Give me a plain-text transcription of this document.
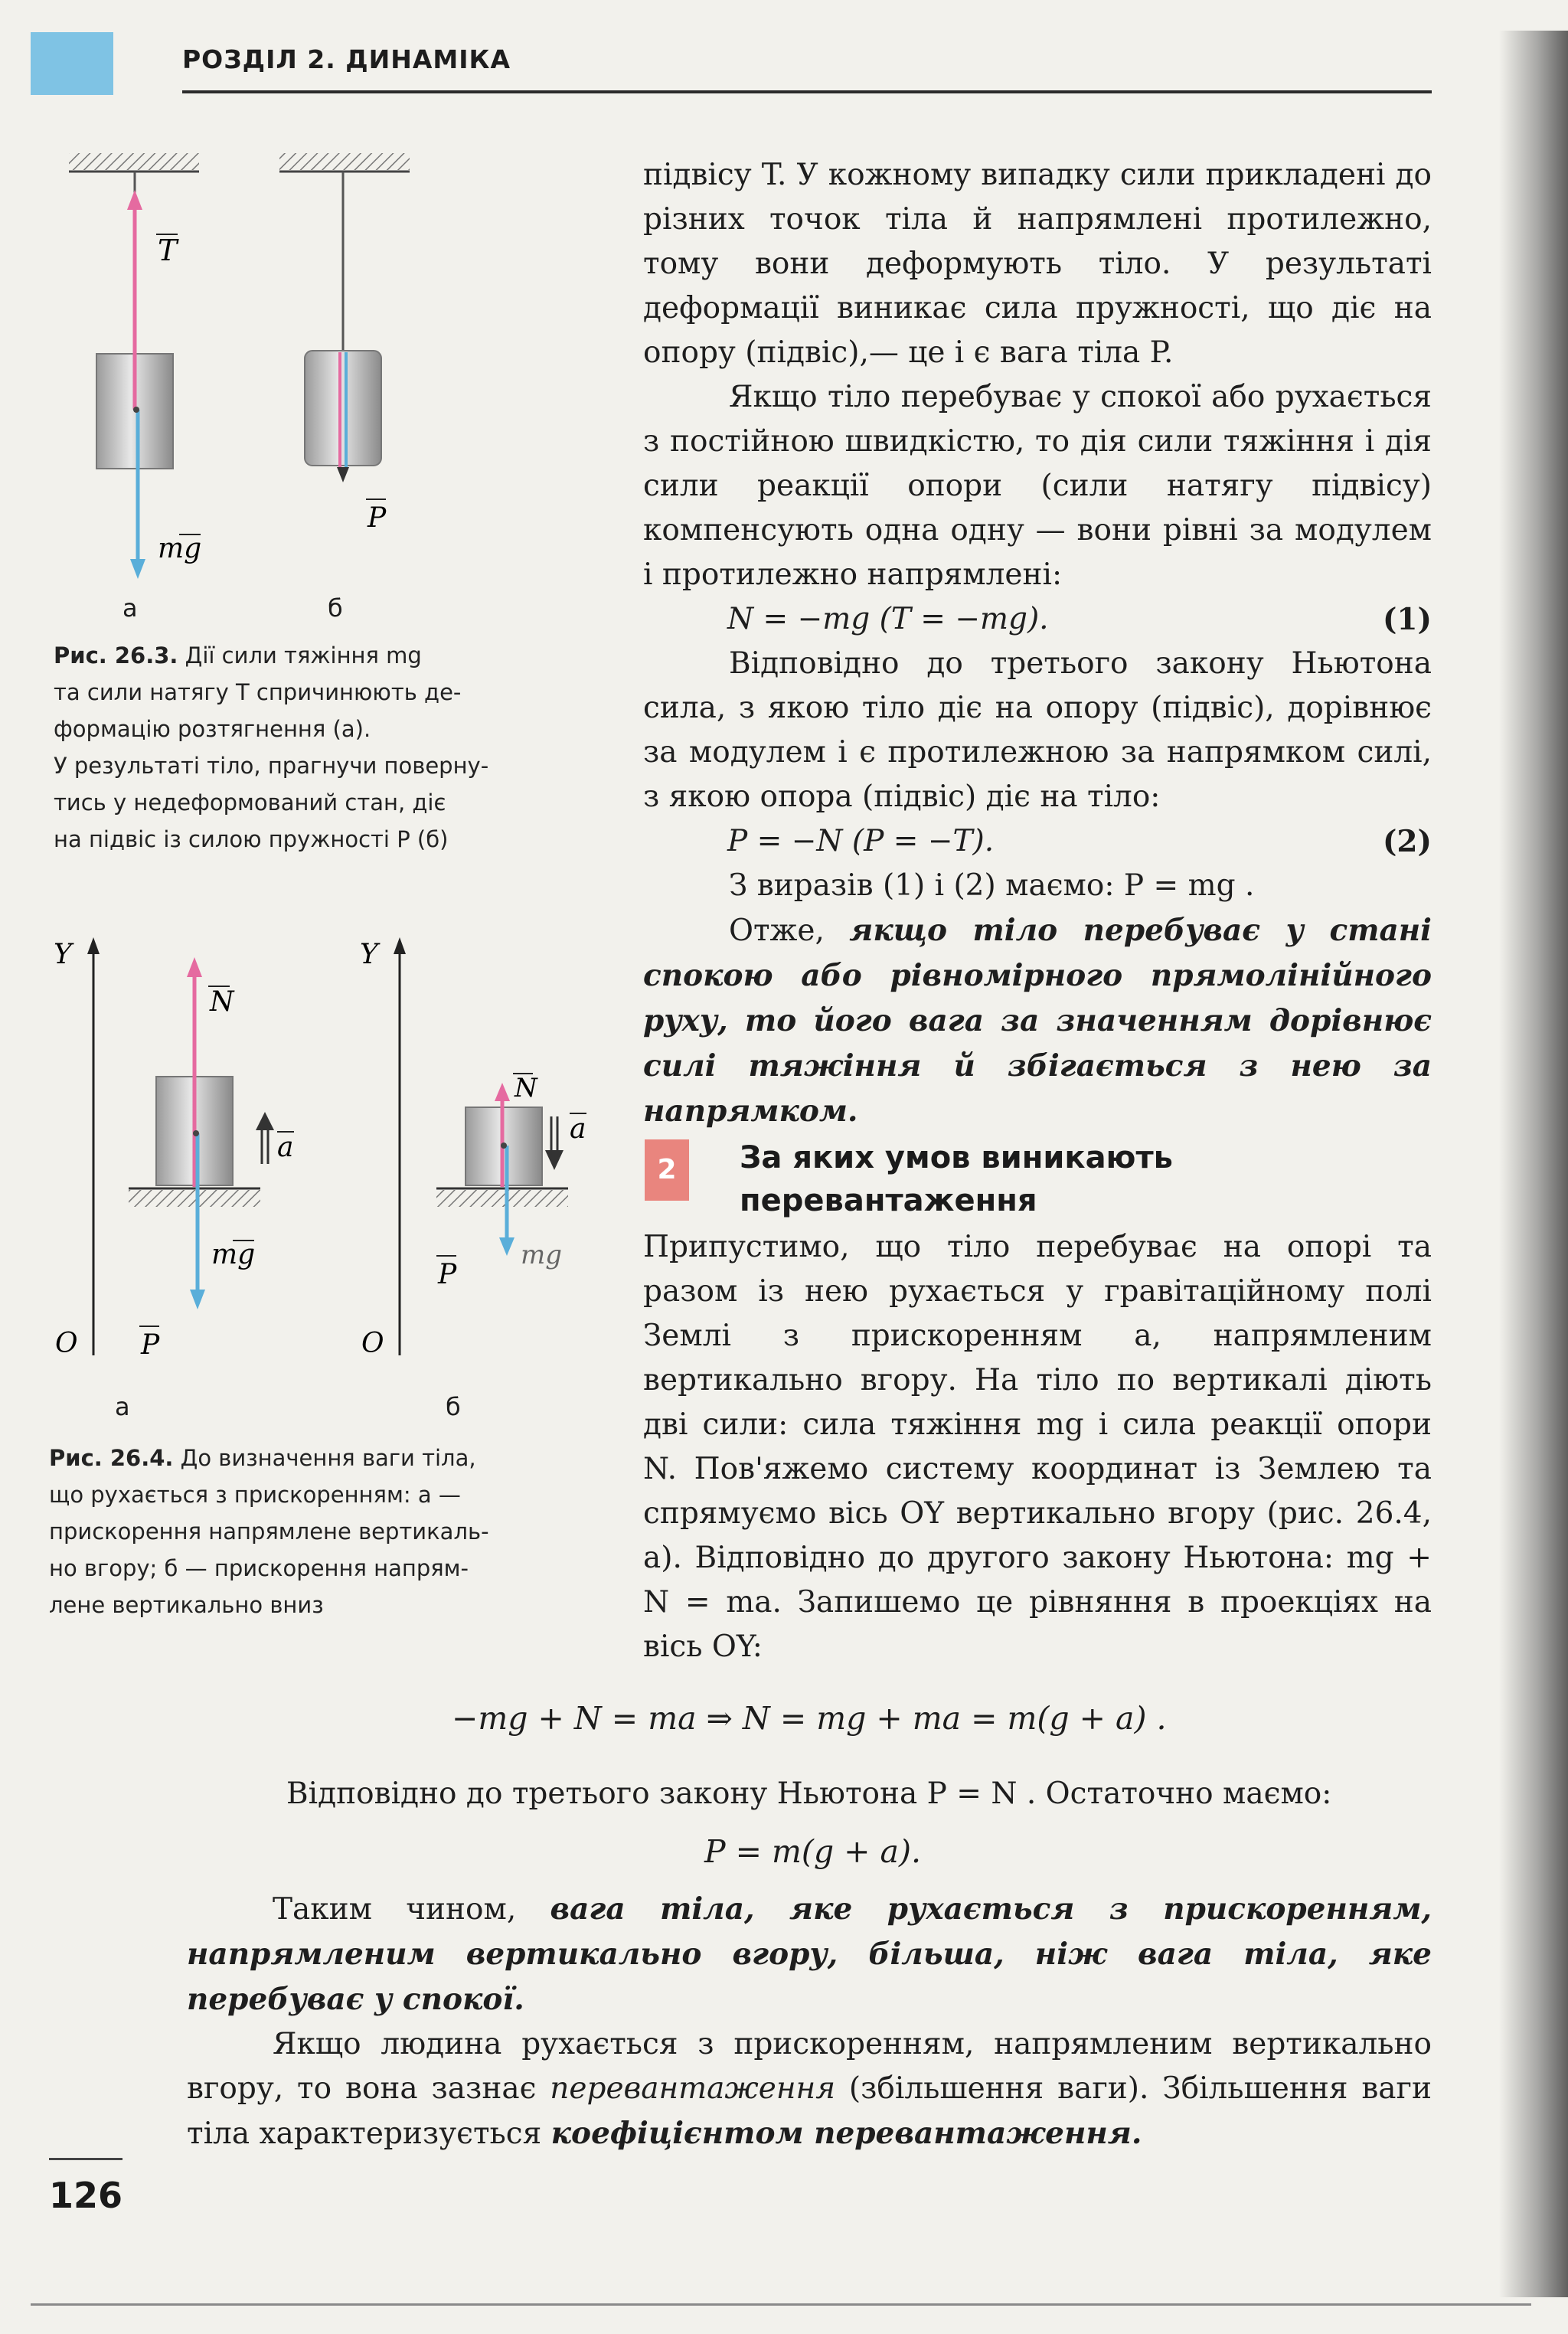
РОЗДІЛ 2. ДИНАМІКА
T
mg
P
а	б
Рис. 26.3. Дії сили тяжіння mg
та сили натягу T спричинюють де-
формацію розтягнення (а).
У результаті тіло, прагнучи поверну-
тись у недеформований стан, діє
на підвіс із силою пружності P (б)
Y
O
N
mg
P
a
Y
O
N
mg
P
a
а	б
Рис. 26.4. До визначення ваги тіла,
що рухається з прискоренням: а —
прискорення напрямлене вертикаль-
но вгору; б — прискорення напрям-
лене вертикально вниз

підвісу T. У кожному випадку сили прикладені до різних точок тіла й напрямлені протилежно, тому вони деформують тіло. У результаті деформації виникає сила пружності, що діє на опору (підвіс),— це і є вага тіла P.

Якщо тіло перебуває у спокої або рухається з постійною швидкістю, то дія сили тяжіння і дія сили реакції опори (сили натягу підвісу) компенсують одна одну — вони рівні за модулем і протилежно напрямлені:

N = −mg (T = −mg).	(1)

Відповідно до третього закону Ньютона сила, з якою тіло діє на опору (підвіс), дорівнює за модулем і є протилежною за напрямком силі, з якою опора (підвіс) діє на тіло:

P = −N (P = −T).	(2)

З виразів (1) і (2) маємо: P = mg .

Отже, якщо тіло перебуває у стані спокою або рівномірного прямолінійного руху, то його вага за значенням дорівнює силі тяжіння й збігається з нею за напрямком.

2	За яких умов виникають перевантаження

Припустимо, що тіло перебуває на опорі та разом із нею рухається у гравітаційному полі Землі з прискоренням a, напрямленим вертикально вгору. На тіло по вертикалі діють дві сили: сила тяжіння mg і сила реакції опори N. Пов'яжемо систему координат із Землею та спрямуємо вісь OY вертикально вгору (рис. 26.4, а). Відповідно до другого закону Ньютона: mg + N = ma. Запишемо це рівняння в проекціях на вісь OY:

−mg + N = ma ⇒ N = mg + ma = m(g + a) .

Відповідно до третього закону Ньютона P = N . Остаточно маємо:

P = m(g + a).

Таким чином, вага тіла, яке рухається з прискоренням, напрямленим вертикально вгору, більша, ніж вага тіла, яке перебуває у спокої.

Якщо людина рухається з прискоренням, напрямленим вертикально вгору, то вона зазнає перевантаження (збільшення ваги). Збільшення ваги тіла характеризується коефіцієнтом перевантаження.

126
